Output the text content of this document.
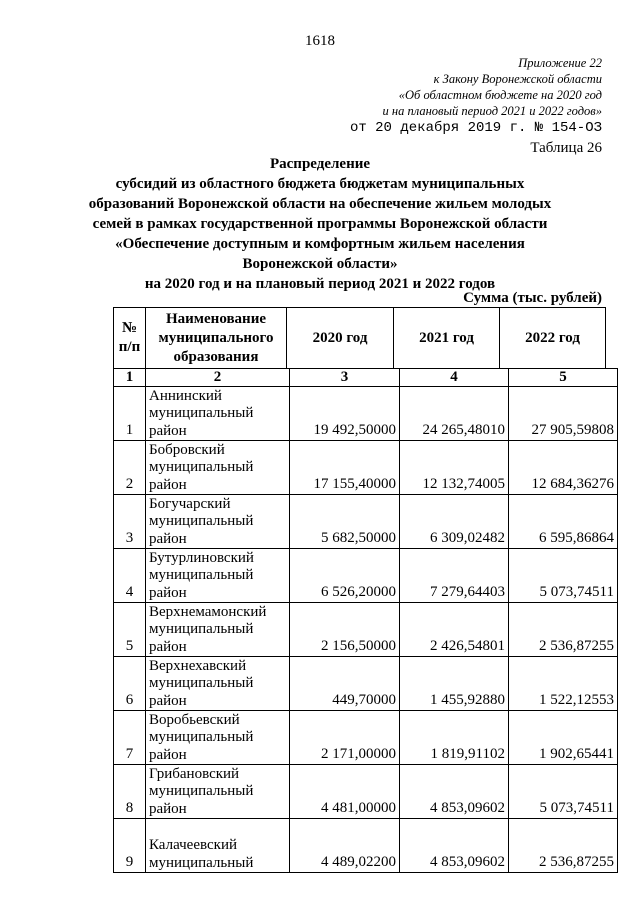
1618
Приложение 22
к Закону Воронежской области
«Об областном бюджете на 2020 год
и на плановый период 2021 и 2022 годов»
от 20 декабря 2019 г. № 154-ОЗ
Таблица 26
Распределение
субсидий из областного бюджета бюджетам муниципальных
образований Воронежской области на обеспечение жильем молодых
семей в рамках государственной программы Воронежской области
«Обеспечение доступным и комфортным жильем населения
Воронежской области»
на 2020 год и на плановый период 2021 и 2022 годов
Сумма (тыс. рублей)
№
п/п

Наименование
муниципального
образования
	2020 год	2021 год	2022 год
1	2	3	4	5
1	Аннинский
муниципальный
район	19 492,50000	24 265,48010	27 905,59808
2	Бобровский
муниципальный
район	17 155,40000	12 132,74005	12 684,36276
3	Богучарский
муниципальный
район	5 682,50000	6 309,02482	6 595,86864
4	Бутурлиновский
муниципальный
район	6 526,20000	7 279,64403	5 073,74511
5	Верхнемамонский
муниципальный
район	2 156,50000	2 426,54801	2 536,87255
6	Верхнехавский
муниципальный
район	449,70000	1 455,92880	1 522,12553
7	Воробьевский
муниципальный
район	2 171,00000	1 819,91102	1 902,65441
8	Грибановский
муниципальный
район	4 481,00000	4 853,09602	5 073,74511
9	Калачеевский
муниципальный	4 489,02200	4 853,09602	2 536,87255
